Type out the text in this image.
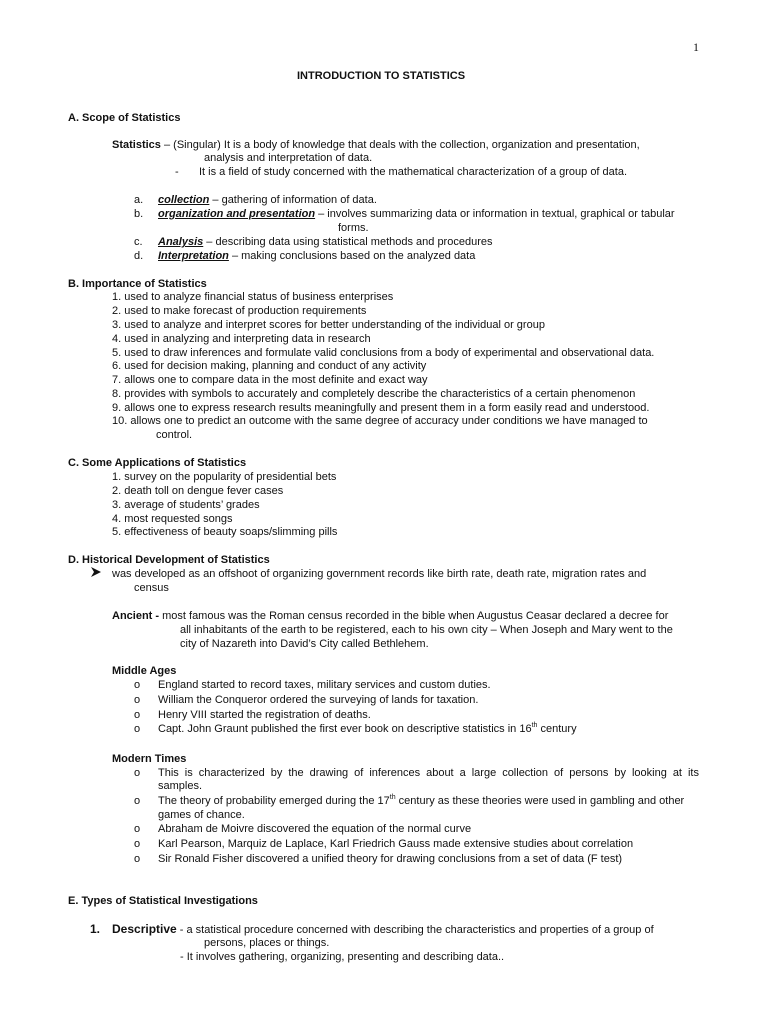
1
INTRODUCTION TO STATISTICS
A. Scope of Statistics
Statistics – (Singular) It is a body of knowledge that deals with the collection, organization and presentation,
analysis and interpretation of data.
- It is a field of study concerned with the mathematical characterization of a group of data.
a. collection – gathering of information of data.
b. organization and presentation – involves summarizing data or information in textual, graphical or tabular
forms.
c. Analysis – describing data using statistical methods and procedures
d. Interpretation – making conclusions based on the analyzed data
B. Importance of Statistics
1. used to analyze financial status of business enterprises
2. used to make forecast of production requirements
3. used to analyze and interpret scores for better understanding of the individual or group
4. used in analyzing and interpreting data in research
5. used to draw inferences and formulate valid conclusions from a body of experimental and observational data.
6. used for decision making, planning and conduct of any activity
7. allows one to compare data in the most definite and exact way
8. provides with symbols to accurately and completely describe the characteristics of a certain phenomenon
9. allows one to express research results meaningfully and present them in a form easily read and understood.
10. allows one to predict an outcome with the same degree of accuracy under conditions we have managed to
control.
C. Some Applications of Statistics
1. survey on the popularity of presidential bets
2. death toll on dengue fever cases
3. average of students’ grades
4. most requested songs
5. effectiveness of beauty soaps/slimming pills
D. Historical Development of Statistics
was developed as an offshoot of organizing government records like birth rate, death rate, migration rates and
census
Ancient - most famous was the Roman census recorded in the bible when Augustus Ceasar declared a decree for
all inhabitants of the earth to be registered, each to his own city – When Joseph and Mary went to the
city of Nazareth into David’s City called Bethlehem.
Middle Ages
o England started to record taxes, military services and custom duties.
o William the Conqueror ordered the surveying of lands for taxation.
o Henry VIII started the registration of deaths.
o Capt. John Graunt published the first ever book on descriptive statistics in 16th century
Modern Times
o This is characterized by the drawing of inferences about a large collection of persons by looking at its
samples.
o The theory of probability emerged during the 17th century as these theories were used in gambling and other
games of chance.
o Abraham de Moivre discovered the equation of the normal curve
o Karl Pearson, Marquiz de Laplace, Karl Friedrich Gauss made extensive studies about correlation
o Sir Ronald Fisher discovered a unified theory for drawing conclusions from a set of data (F test)
E. Types of Statistical Investigations
1. Descriptive - a statistical procedure concerned with describing the characteristics and properties of a group of
persons, places or things.
- It involves gathering, organizing, presenting and describing data..
